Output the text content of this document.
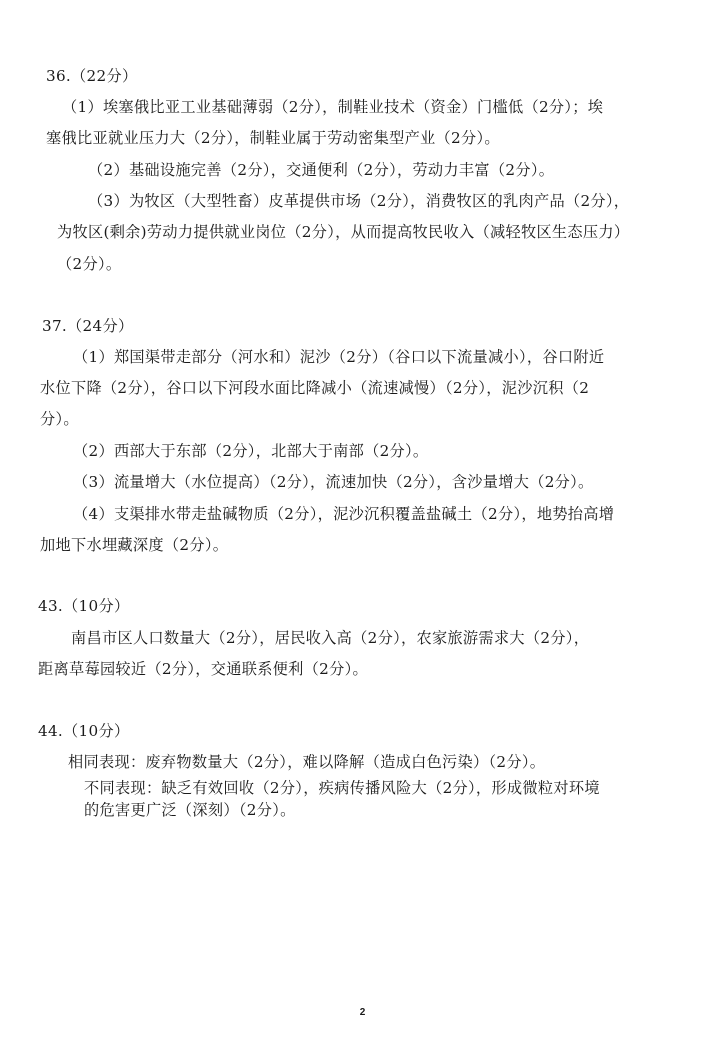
36.（22分）
（1）埃塞俄比亚工业基础薄弱（2分），制鞋业技术（资金）门槛低（2分）；埃
塞俄比亚就业压力大（2分），制鞋业属于劳动密集型产业（2分）。
（2）基础设施完善（2分），交通便利（2分），劳动力丰富（2分）。
（3）为牧区（大型牲畜）皮革提供市场（2分），消费牧区的乳肉产品（2分），
为牧区(剩余)劳动力提供就业岗位（2分），从而提高牧民收入（减轻牧区生态压力）
（2分）。
37.（24分）
（1）郑国渠带走部分（河水和）泥沙（2分）（谷口以下流量减小），谷口附近
水位下降（2分），谷口以下河段水面比降减小（流速减慢）（2分），泥沙沉积（2
分）。
（2）西部大于东部（2分），北部大于南部（2分）。
（3）流量增大（水位提高）（2分），流速加快（2分），含沙量增大（2分）。
（4）支渠排水带走盐碱物质（2分），泥沙沉积覆盖盐碱土（2分），地势抬高增
加地下水埋藏深度（2分）。
43.（10分）
南昌市区人口数量大（2分），居民收入高（2分），农家旅游需求大（2分），
距离草莓园较近（2分），交通联系便利（2分）。
44.（10分）
相同表现：废弃物数量大（2分），难以降解（造成白色污染）（2分）。
不同表现：缺乏有效回收（2分），疾病传播风险大（2分），形成微粒对环境
的危害更广泛（深刻）（2分）。
2
